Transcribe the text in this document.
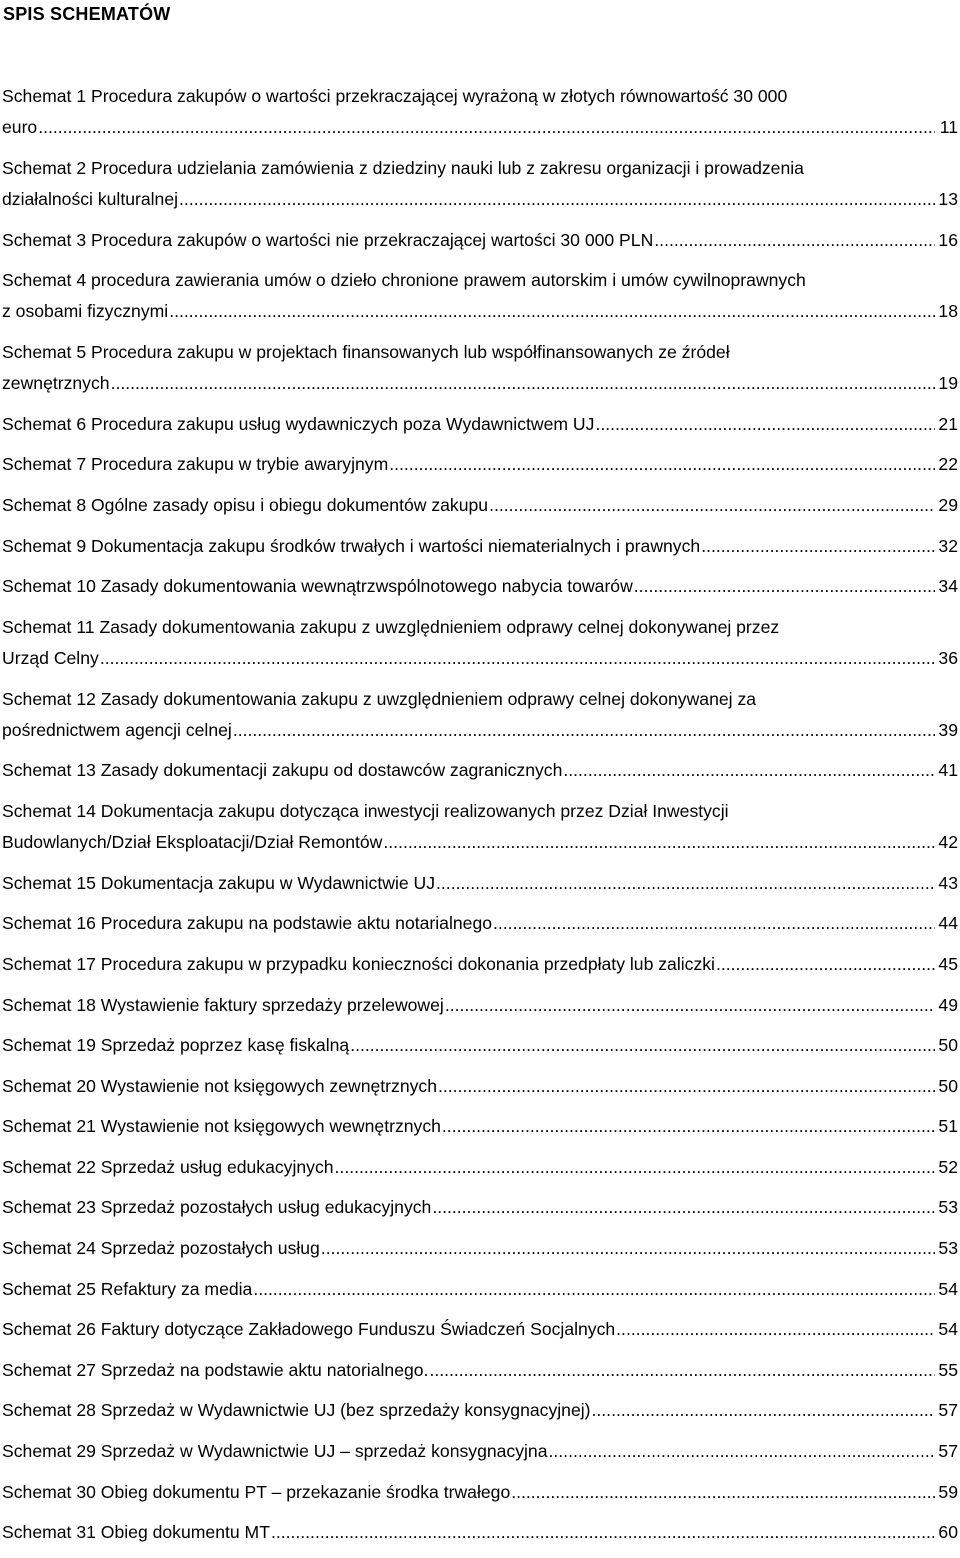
SPIS SCHEMATÓW
Schemat 1 Procedura zakupów o wartości przekraczającej wyrażoną w złotych równowartość 30 000
euro .....	11
Schemat 2 Procedura udzielania zamówienia z dziedziny nauki lub z zakresu organizacji i prowadzenia
działalności kulturalnej .....	13
Schemat 3 Procedura zakupów o wartości nie przekraczającej wartości 30 000 PLN .....	16
Schemat 4 procedura zawierania umów o dzieło chronione prawem autorskim i umów cywilnoprawnych
z osobami fizycznymi .....	18
Schemat 5 Procedura zakupu w projektach finansowanych lub współfinansowanych ze źródeł
zewnętrznych .....	19
Schemat 6 Procedura zakupu usług wydawniczych poza Wydawnictwem UJ .....	21
Schemat 7 Procedura zakupu w trybie awaryjnym .....	22
Schemat 8 Ogólne zasady opisu i obiegu dokumentów zakupu .....	29
Schemat 9 Dokumentacja zakupu środków trwałych i wartości niematerialnych i prawnych .....	32
Schemat 10 Zasady dokumentowania wewnątrzwspólnotowego nabycia towarów .....	34
Schemat 11 Zasady dokumentowania zakupu z uwzględnieniem odprawy celnej dokonywanej przez
Urząd Celny .....	36
Schemat 12 Zasady dokumentowania zakupu z uwzględnieniem odprawy celnej dokonywanej za
pośrednictwem agencji celnej .....	39
Schemat 13 Zasady dokumentacji zakupu od dostawców zagranicznych .....	41
Schemat 14 Dokumentacja zakupu dotycząca inwestycji realizowanych przez Dział Inwestycji
Budowlanych/Dział Eksploatacji/Dział Remontów .....	42
Schemat 15 Dokumentacja zakupu w Wydawnictwie UJ .....	43
Schemat 16 Procedura zakupu na podstawie aktu notarialnego .....	44
Schemat 17 Procedura zakupu w przypadku konieczności dokonania przedpłaty lub zaliczki .....	45
Schemat 18 Wystawienie faktury sprzedaży przelewowej .....	49
Schemat 19 Sprzedaż poprzez kasę fiskalną .....	50
Schemat 20 Wystawienie not księgowych zewnętrznych .....	50
Schemat 21 Wystawienie not księgowych wewnętrznych .....	51
Schemat 22 Sprzedaż usług edukacyjnych .....	52
Schemat 23 Sprzedaż pozostałych usług edukacyjnych .....	53
Schemat 24 Sprzedaż pozostałych usług .....	53
Schemat 25 Refaktury za media .....	54
Schemat 26 Faktury dotyczące Zakładowego Funduszu Świadczeń Socjalnych .....	54
Schemat 27 Sprzedaż na podstawie aktu natorialnego. .....	55
Schemat 28 Sprzedaż w Wydawnictwie UJ (bez sprzedaży konsygnacyjnej) .....	57
Schemat 29 Sprzedaż w Wydawnictwie UJ – sprzedaż konsygnacyjna .....	57
Schemat 30 Obieg dokumentu PT – przekazanie środka trwałego .....	59
Schemat 31 Obieg dokumentu MT .....	60
